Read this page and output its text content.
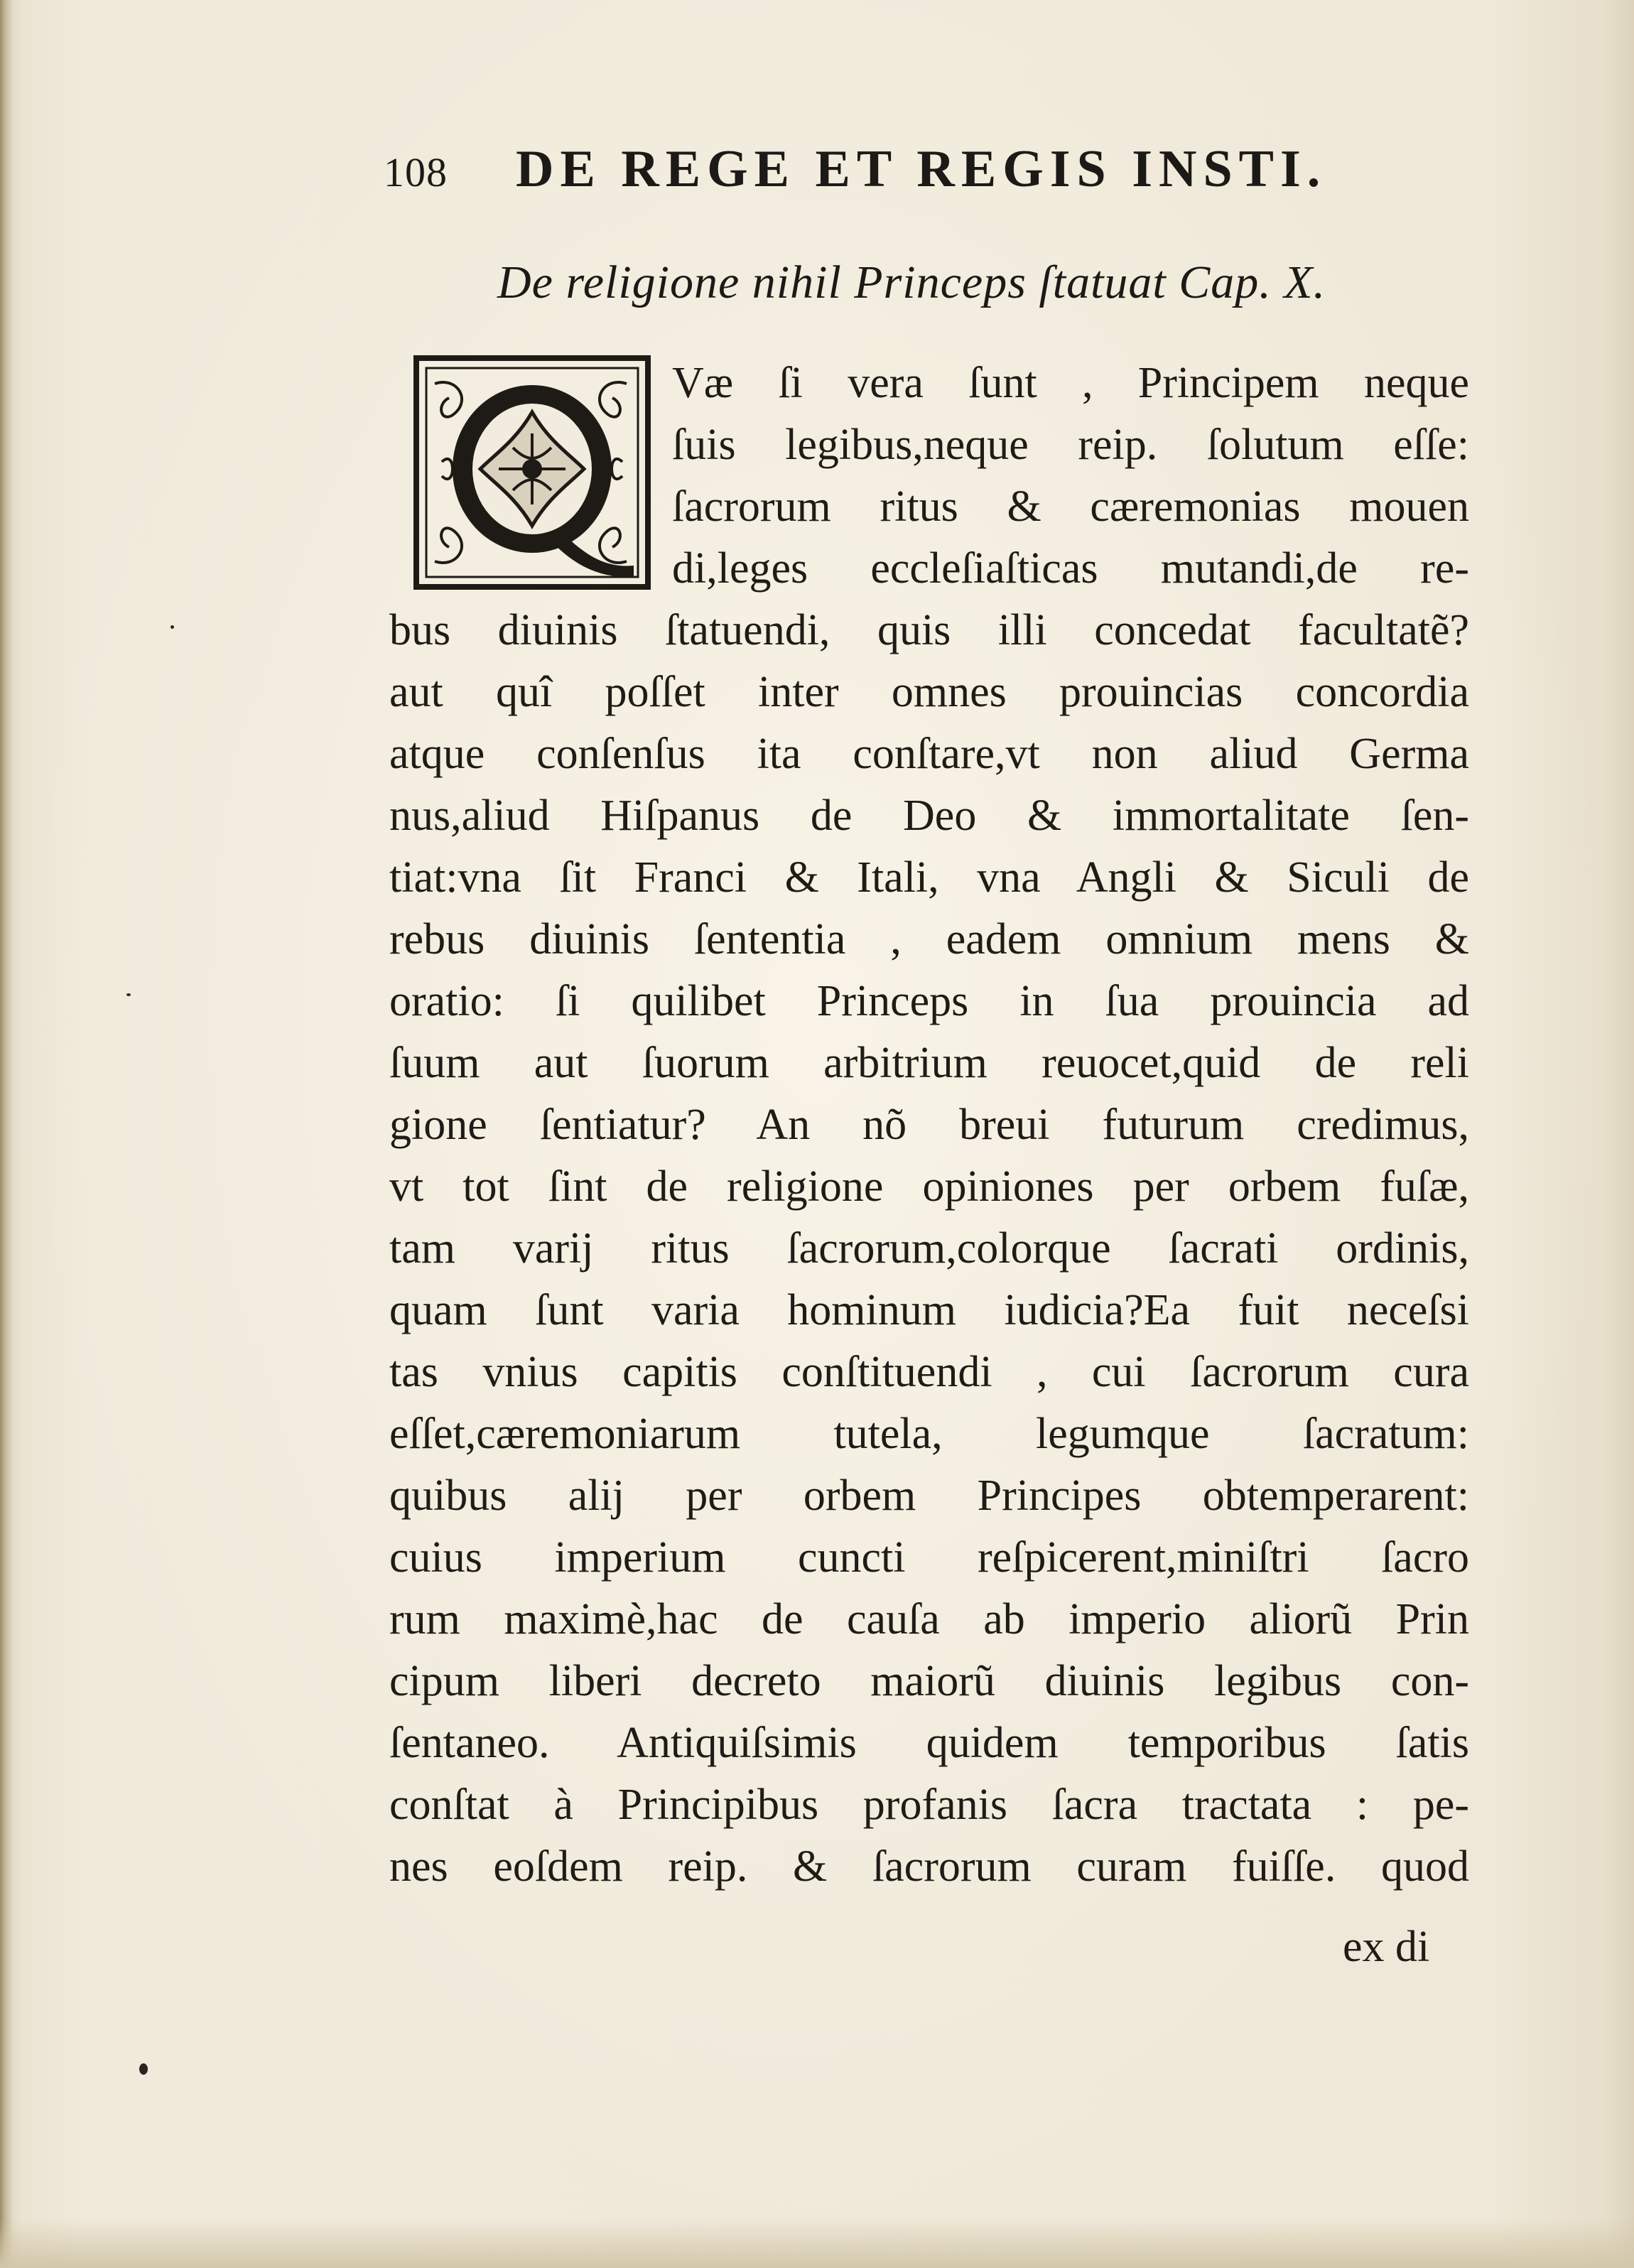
108 DE REGE ET REGIS INSTI.
De religione nihil Princeps ſtatuat Cap. X.
Væ ſi vera ſunt , Principem neque
ſuis legibus,neque reip. ſolutum eſſe:
ſacrorum ritus & cæremonias mouen
di,leges eccleſiaſticas mutandi,de re-
bus diuinis ſtatuendi, quis illi concedat facultatẽ?
aut quî poſſet inter omnes prouincias concordia
atque conſenſus ita conſtare,vt non aliud Germa
nus,aliud Hiſpanus de Deo & immortalitate ſen-
tiat:vna ſit Franci & Itali, vna Angli & Siculi de
rebus diuinis ſententia , eadem omnium mens &
oratio: ſi quilibet Princeps in ſua prouincia ad
ſuum aut ſuorum arbitrium reuocet,quid de reli
gione ſentiatur? An nõ breui futurum credimus,
vt tot ſint de religione opiniones per orbem fuſæ,
tam varij ritus ſacrorum,colorque ſacrati ordinis,
quam ſunt varia hominum iudicia?Ea fuit neceſsi
tas vnius capitis conſtituendi , cui ſacrorum cura
eſſet,cæremoniarum tutela, legumque ſacratum:
quibus alij per orbem Principes obtemperarent:
cuius imperium cuncti reſpicerent,miniſtri ſacro
rum maximè,hac de cauſa ab imperio aliorũ Prin
cipum liberi decreto maiorũ diuinis legibus con-
ſentaneo. Antiquiſsimis quidem temporibus ſatis
conſtat à Principibus profanis ſacra tractata : pe-
nes eoſdem reip. & ſacrorum curam fuiſſe. quod
ex di
